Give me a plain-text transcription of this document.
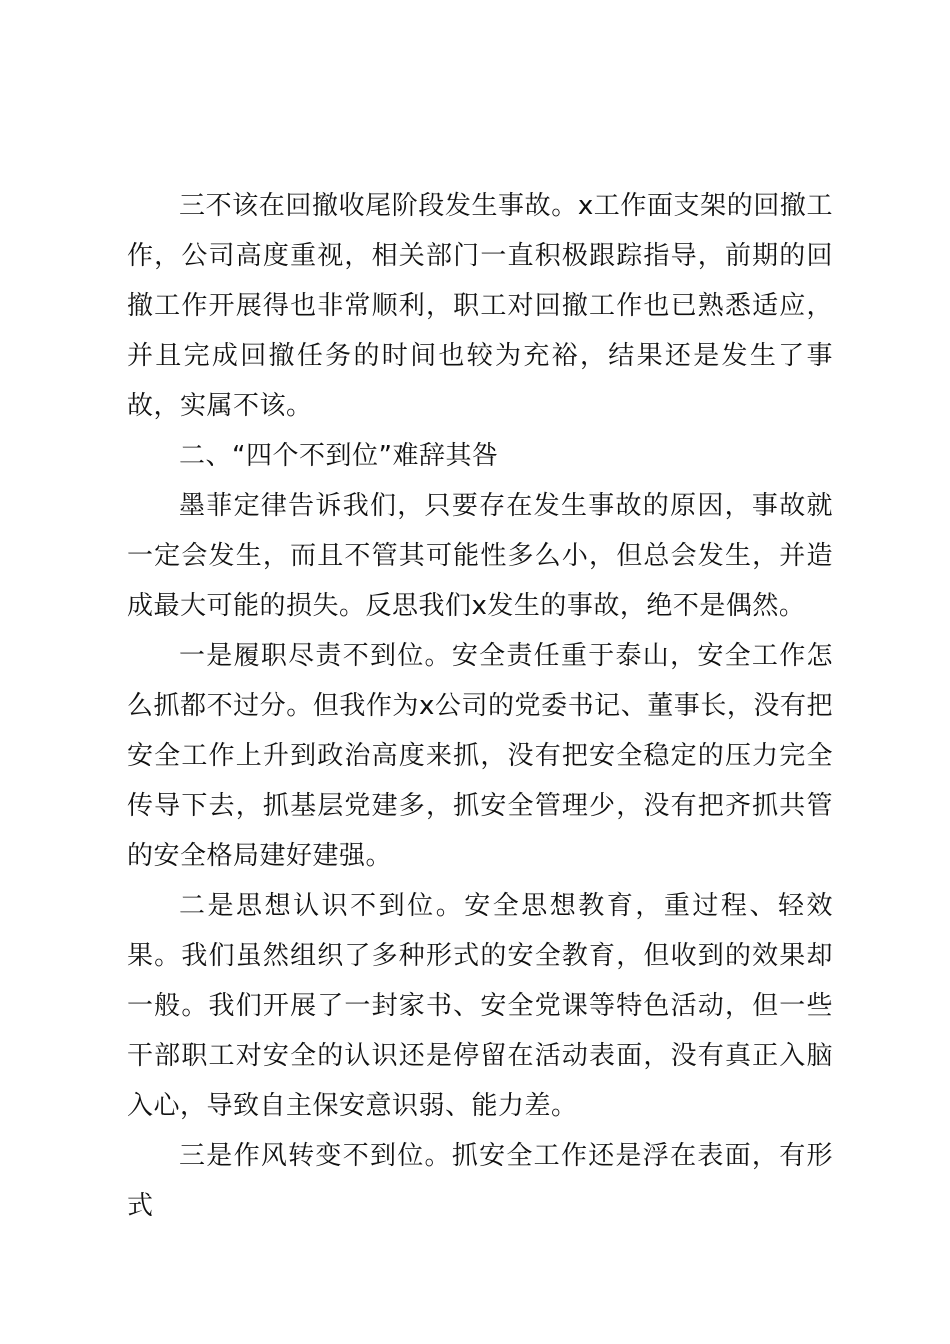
三不该在回撤收尾阶段发生事故。x工作面支架的回撤工作，公司高度重视，相关部门一直积极跟踪指导，前期的回撤工作开展得也非常顺利，职工对回撤工作也已熟悉适应，并且完成回撤任务的时间也较为充裕，结果还是发生了事故，实属不该。

二、“四个不到位”难辞其咎

墨菲定律告诉我们，只要存在发生事故的原因，事故就一定会发生，而且不管其可能性多么小，但总会发生，并造成最大可能的损失。反思我们x发生的事故，绝不是偶然。

一是履职尽责不到位。安全责任重于泰山，安全工作怎么抓都不过分。但我作为x公司的党委书记、董事长，没有把安全工作上升到政治高度来抓，没有把安全稳定的压力完全传导下去，抓基层党建多，抓安全管理少，没有把齐抓共管的安全格局建好建强。

二是思想认识不到位。安全思想教育，重过程、轻效果。我们虽然组织了多种形式的安全教育，但收到的效果却一般。我们开展了一封家书、安全党课等特色活动，但一些干部职工对安全的认识还是停留在活动表面，没有真正入脑入心，导致自主保安意识弱、能力差。

三是作风转变不到位。抓安全工作还是浮在表面，有形式
